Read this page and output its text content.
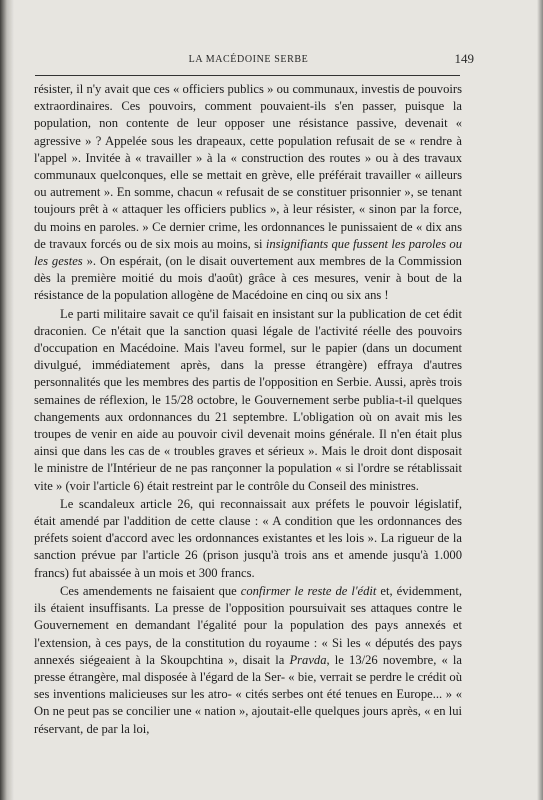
LA MACÉDOINE SERBE	149

résister, il n'y avait que ces « officiers publics » ou communaux, investis de pouvoirs extraordinaires. Ces pouvoirs, comment pouvaient-ils s'en passer, puisque la population, non contente de leur opposer une résistance passive, devenait « agressive » ? Appelée sous les drapeaux, cette population refusait de se « rendre à l'appel ». Invitée à « travailler » à la « construction des routes » ou à des travaux communaux quelconques, elle se mettait en grève, elle préférait travailler « ailleurs ou autrement ». En somme, chacun « refusait de se constituer prisonnier », se tenant toujours prêt à « attaquer les officiers publics », à leur résister, « sinon par la force, du moins en paroles. » Ce dernier crime, les ordonnances le punissaient de « dix ans de travaux forcés ou de six mois au moins, si insignifiants que fussent les paroles ou les gestes ». On espérait, (on le disait ouvertement aux membres de la Commission dès la première moitié du mois d'août) grâce à ces mesures, venir à bout de la résistance de la population allogène de Macédoine en cinq ou six ans !

Le parti militaire savait ce qu'il faisait en insistant sur la publication de cet édit draconien. Ce n'était que la sanction quasi légale de l'activité réelle des pouvoirs d'occupation en Macédoine. Mais l'aveu formel, sur le papier (dans un document divulgué, immédiatement après, dans la presse étrangère) effraya d'autres personnalités que les membres des partis de l'opposition en Serbie. Aussi, après trois semaines de réflexion, le 15/28 octobre, le Gouvernement serbe publia-t-il quelques changements aux ordonnances du 21 septembre. L'obligation où on avait mis les troupes de venir en aide au pouvoir civil devenait moins générale. Il n'en était plus ainsi que dans les cas de « troubles graves et sérieux ». Mais le droit dont disposait le ministre de l'Intérieur de ne pas rançonner la population « si l'ordre se rétablissait vite » (voir l'article 6) était restreint par le contrôle du Conseil des ministres.

Le scandaleux article 26, qui reconnaissait aux préfets le pouvoir législatif, était amendé par l'addition de cette clause : « A condition que les ordonnances des préfets soient d'accord avec les ordonnances existantes et les lois ». La rigueur de la sanction prévue par l'article 26 (prison jusqu'à trois ans et amende jusqu'à 1.000 francs) fut abaissée à un mois et 300 francs.

Ces amendements ne faisaient que confirmer le reste de l'édit et, évidemment, ils étaient insuffisants. La presse de l'opposition poursuivait ses attaques contre le Gouvernement en demandant l'égalité pour la population des pays annexés et l'extension, à ces pays, de la constitution du royaume : « Si les « députés des pays annexés siégeaient à la Skoupchtina », disait la Pravda, le 13/26 novembre, « la presse étrangère, mal disposée à l'égard de la Ser- « bie, verrait se perdre le crédit où ses inventions malicieuses sur les atro- « cités serbes ont été tenues en Europe... » « On ne peut pas se concilier une « nation », ajoutait-elle quelques jours après, « en lui réservant, de par la loi,
